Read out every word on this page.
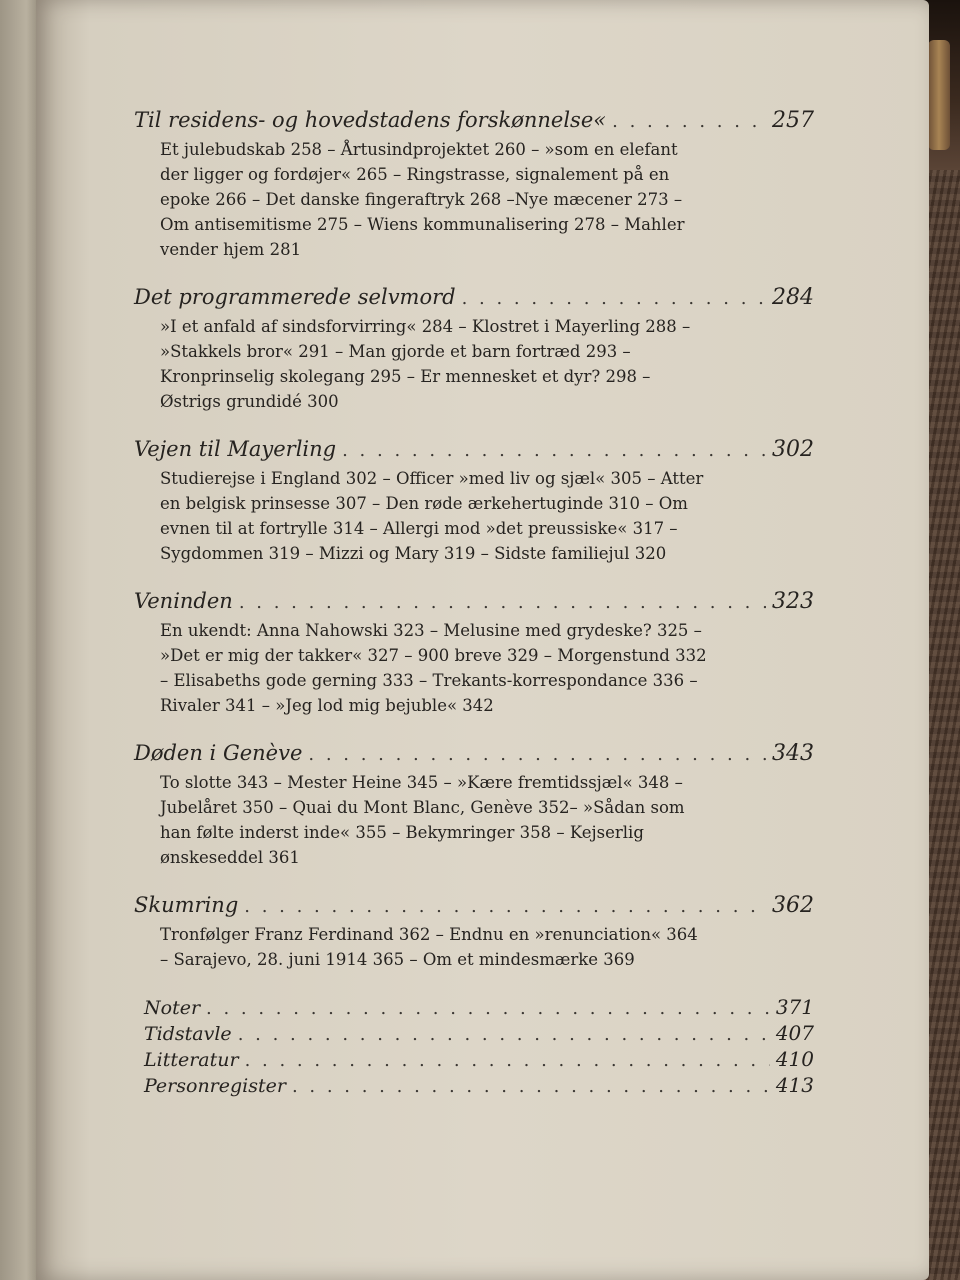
Til residens- og hovedstadens forskønnelse« . . .	257

Et julebudskab 258 – Årtusindprojektet 260 – »som en elefant

der ligger og fordøjer« 265 – Ringstrasse, signalement på en

epoke 266 – Det danske fingeraftryk 268 –Nye mæcener 273 –

Om antisemitisme 275 – Wiens kommunalisering 278 – Mahler

vender hjem 281

Det programmerede selvmord . . .	284

»I et anfald af sindsforvirring« 284 – Klostret i Mayerling 288 –

»Stakkels bror« 291 – Man gjorde et barn fortræd 293 –

Kronprinselig skolegang 295 – Er mennesket et dyr? 298 –

Østrigs grundidé 300

Vejen til Mayerling . . .	302

Studierejse i England 302 – Officer »med liv og sjæl« 305 – Atter

en belgisk prinsesse 307 – Den røde ærkehertuginde 310 – Om

evnen til at fortrylle 314 – Allergi mod »det preussiske« 317 –

Sygdommen 319 – Mizzi og Mary 319 – Sidste familiejul 320

Veninden . . .	323

En ukendt: Anna Nahowski 323 – Melusine med grydeske? 325 –

»Det er mig der takker« 327 – 900 breve 329 – Morgenstund 332

– Elisabeths gode gerning 333 – Trekants-korrespondance 336 –

Rivaler 341 – »Jeg lod mig bejuble« 342

Døden i Genève . . .	343

To slotte 343 – Mester Heine 345 – »Kære fremtidssjæl« 348 –

Jubelåret 350 – Quai du Mont Blanc, Genève 352– »Sådan som

han følte inderst inde« 355 – Bekymringer 358 – Kejserlig

ønskeseddel 361

Skumring . . .	362

Tronfølger Franz Ferdinand 362 – Endnu en »renunciation« 364

– Sarajevo, 28. juni 1914 365 – Om et mindesmærke 369

Noter . . .	371
Tidstavle . . .	407
Litteratur . . .	410
Personregister . . .	413
